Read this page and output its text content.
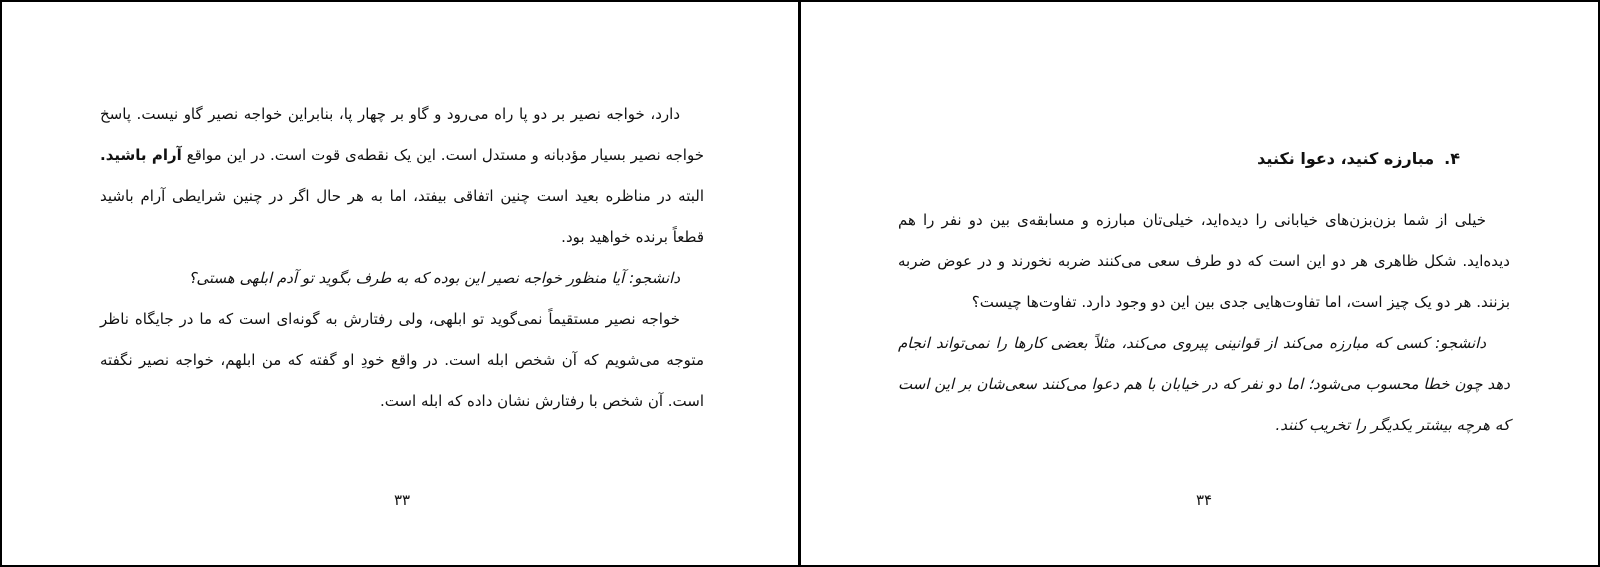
دارد، خواجه نصیر بر دو پا راه می‌رود و گاو بر چهار پا، بنابراین خواجه نصیر گاو نیست. پاسخ خواجه نصیر بسیار مؤدبانه و مستدل است. این یک نقطه‌ی قوت است. در این مواقع آرام باشید. البته در مناظره بعید است چنین اتفاقی بیفتد، اما به هر حال اگر در چنین شرایطی آرام باشید قطعاً برنده خواهید بود.

دانشجو: آیا منظور خواجه نصیر این بوده که به طرف بگوید تو آدم ابلهی هستی؟

خواجه نصیر مستقیماً نمی‌گوید تو ابلهی، ولی رفتارش به گونه‌ای است که ما در جایگاه ناظر متوجه می‌شویم که آن شخص ابله است. در واقع خودِ او گفته که من ابلهم، خواجه نصیر نگفته است. آن شخص با رفتارش نشان داده که ابله است.

۳۳
۴.مبارزه کنید، دعوا نکنید

خیلی از شما بزن‌بزن‌های خیابانی را دیده‌اید، خیلی‌تان مبارزه و مسابقه‌ی بین دو نفر را هم دیده‌اید. شکل ظاهری هر دو این است که دو طرف سعی می‌کنند ضربه نخورند و در عوض ضربه بزنند. هر دو یک چیز است، اما تفاوت‌هایی جدی بین این دو وجود دارد. تفاوت‌ها چیست؟

دانشجو: کسی که مبارزه می‌کند از قوانینی پیروی می‌کند، مثلاً بعضی کارها را نمی‌تواند انجام دهد چون خطا محسوب می‌شود؛ اما دو نفر که در خیابان با هم دعوا می‌کنند سعی‌شان بر این است که هرچه بیشتر یکدیگر را تخریب کنند.

۳۴
